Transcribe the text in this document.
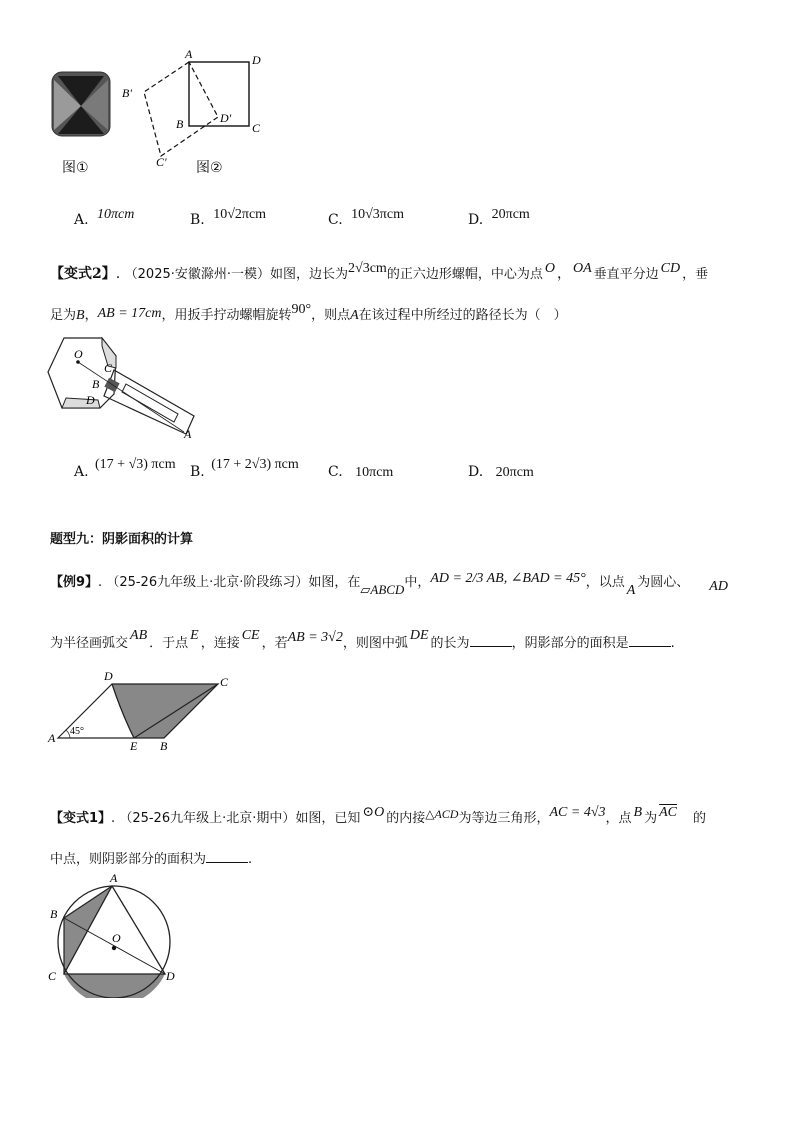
图①
A	D
B'
D'
B	C
C' 图②
A. 10πcm	B. 10√2πcm	C. 10√3πcm	D. 20πcm
【变式2】. （2025·安徽滁州·一模）如图，边长为2√3cm的正六边形螺帽，中心为点 O ， OA 垂直平分边 CD ，垂
足为B，AB = 17cm，用扳手拧动螺帽旋转90°，则点A在该过程中所经过的路径长为（　）
O
C
B
D
A
A. (17 + √3) πcm B. (17 + 2√3) πcm C. 10πcm	D. 20πcm
题型九：阴影面积的计算
【例9】. （25-26九年级上·北京·阶段练习）如图，在▱ABCD中，AD = 2/3 AB, ∠BAD = 45°，以点A为圆心、 AD
为半径画弧交AB．于点E，连接CE，若AB = 3√2，则图中弧DE的长为	，阴影部分的面积是	.
D	C
A 45°
E B
【变式1】. （25-26九年级上·北京·期中）如图，已知 ⊙O 的内接△ACD为等边三角形，AC = 4√3，点 B 为 $\overline{AC}$ 的
中点，则阴影部分的面积为	.
A
B
O
C	D
